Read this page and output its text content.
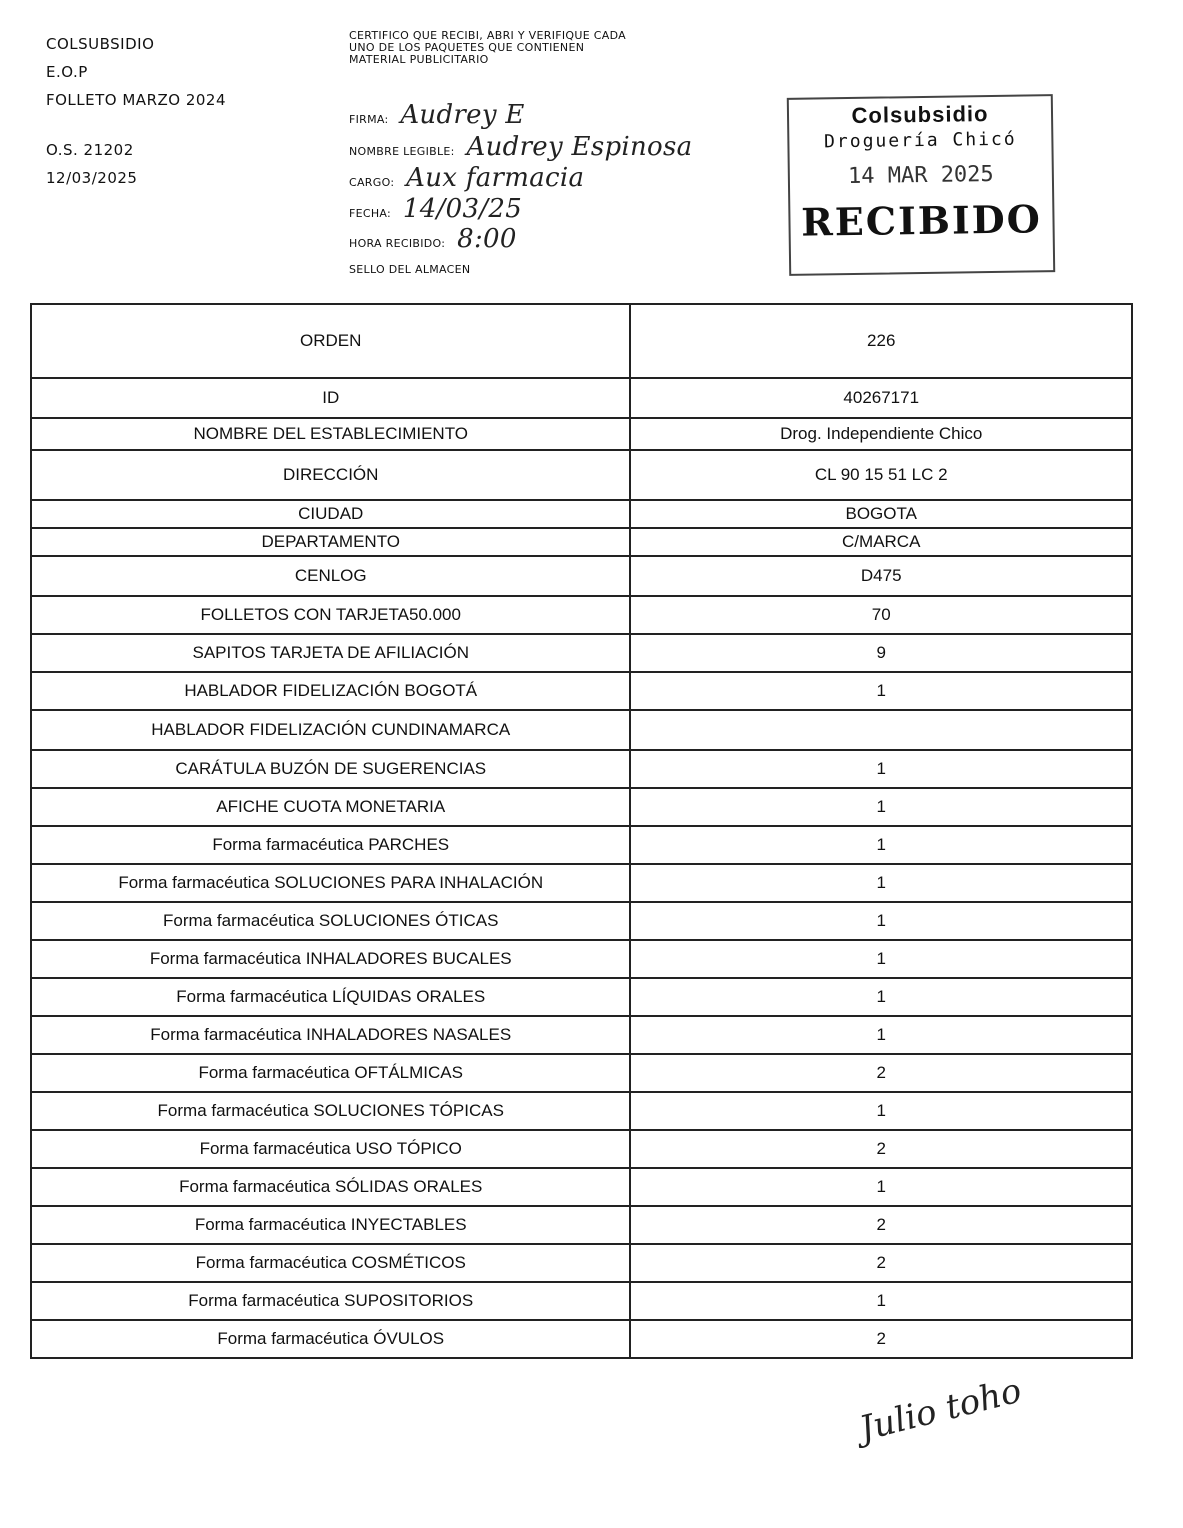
COLSUBSIDIO
E.O.P
FOLLETO MARZO 2024
O.S. 21202
12/03/2025
CERTIFICO QUE RECIBI, ABRI Y VERIFIQUE CADA UNO DE LOS PAQUETES QUE CONTIENEN MATERIAL PUBLICITARIO
FIRMA: Audrey E
NOMBRE LEGIBLE: Audrey Espinosa
CARGO: Aux farmacia
FECHA: 14/03/25
HORA RECIBIDO: 8:00
SELLO DEL ALMACEN
Colsubsidio
Droguería Chicó
14 MAR 2025
RECIBIDO
ORDEN	226
ID	40267171
NOMBRE DEL ESTABLECIMIENTO	Drog. Independiente Chico
DIRECCIÓN	CL 90 15 51 LC 2
CIUDAD	BOGOTA
DEPARTAMENTO	C/MARCA
CENLOG	D475
FOLLETOS CON TARJETA50.000	70
SAPITOS TARJETA DE AFILIACIÓN	9
HABLADOR FIDELIZACIÓN BOGOTÁ	1
HABLADOR FIDELIZACIÓN CUNDINAMARCA	
CARÁTULA BUZÓN DE SUGERENCIAS	1
AFICHE CUOTA MONETARIA	1
Forma farmacéutica PARCHES	1
Forma farmacéutica SOLUCIONES PARA INHALACIÓN	1
Forma farmacéutica SOLUCIONES ÓTICAS	1
Forma farmacéutica INHALADORES BUCALES	1
Forma farmacéutica LÍQUIDAS ORALES	1
Forma farmacéutica INHALADORES NASALES	1
Forma farmacéutica OFTÁLMICAS	2
Forma farmacéutica SOLUCIONES TÓPICAS	1
Forma farmacéutica USO TÓPICO	2
Forma farmacéutica SÓLIDAS ORALES	1
Forma farmacéutica INYECTABLES	2
Forma farmacéutica COSMÉTICOS	2
Forma farmacéutica SUPOSITORIOS	1
Forma farmacéutica ÓVULOS	2
Julio toho
